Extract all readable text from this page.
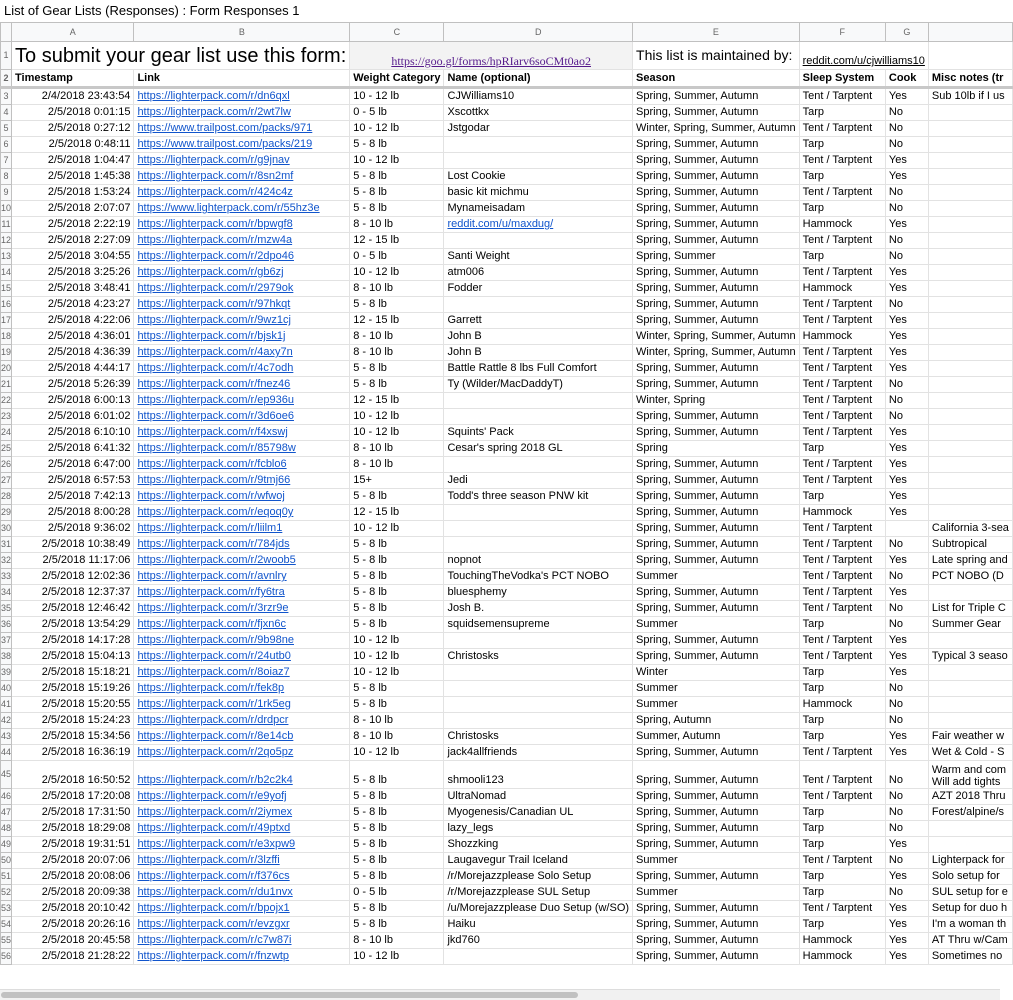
List of Gear Lists (Responses) : Form Responses 1
	A	B	C	D	E	F	G	
1	To submit your gear list use this form:		https://goo.gl/forms/hpRIarv6soCMt0ao2		This list is maintained by:	reddit.com/u/cjwilliams10		
2	Timestamp	Link	Weight Category	Name (optional)	Season	Sleep System	Cook	Misc notes (tr
3	2/4/2018 23:43:54	https://lighterpack.com/r/dn6qxl	10 - 12 lb	CJWilliams10	Spring, Summer, Autumn	Tent / Tarptent	Yes	Sub 10lb if I us
4	2/5/2018 0:01:15	https://lighterpack.com/r/2wt7lw	0 - 5 lb	Xscottkx	Spring, Summer, Autumn	Tarp	No	
5	2/5/2018 0:27:12	https://www.trailpost.com/packs/971	10 - 12 lb	Jstgodar	Winter, Spring, Summer, Autumn	Tent / Tarptent	No	
6	2/5/2018 0:48:11	https://www.trailpost.com/packs/219	5 - 8 lb		Spring, Summer, Autumn	Tarp	No	
7	2/5/2018 1:04:47	https://lighterpack.com/r/g9jnav	10 - 12 lb		Spring, Summer, Autumn	Tent / Tarptent	Yes	
8	2/5/2018 1:45:38	https://lighterpack.com/r/8sn2mf	5 - 8 lb	Lost Cookie	Spring, Summer, Autumn	Tarp	Yes	
9	2/5/2018 1:53:24	https://lighterpack.com/r/424c4z	5 - 8 lb	basic kit michmu	Spring, Summer, Autumn	Tent / Tarptent	No	
10	2/5/2018 2:07:07	https://www.lighterpack.com/r/55hz3e	5 - 8 lb	Mynameisadam	Spring, Summer, Autumn	Tarp	No	
11	2/5/2018 2:22:19	https://lighterpack.com/r/bpwgf8	8 - 10 lb	reddit.com/u/maxdug/	Spring, Summer, Autumn	Hammock	Yes	
12	2/5/2018 2:27:09	https://lighterpack.com/r/mzw4a	12 - 15 lb		Spring, Summer, Autumn	Tent / Tarptent	No	
13	2/5/2018 3:04:55	https://lighterpack.com/r/2dpo46	0 - 5 lb	Santi Weight	Spring, Summer	Tarp	No	
14	2/5/2018 3:25:26	https://lighterpack.com/r/gb6zj	10 - 12 lb	atm006	Spring, Summer, Autumn	Tent / Tarptent	Yes	
15	2/5/2018 3:48:41	https://lighterpack.com/r/2979ok	8 - 10 lb	Fodder	Spring, Summer, Autumn	Hammock	Yes	
16	2/5/2018 4:23:27	https://lighterpack.com/r/97hkqt	5 - 8 lb		Spring, Summer, Autumn	Tent / Tarptent	No	
17	2/5/2018 4:22:06	https://lighterpack.com/r/9wz1cj	12 - 15 lb	Garrett	Spring, Summer, Autumn	Tent / Tarptent	Yes	
18	2/5/2018 4:36:01	https://lighterpack.com/r/bjsk1j	8 - 10 lb	John B	Winter, Spring, Summer, Autumn	Hammock	Yes	
19	2/5/2018 4:36:39	https://lighterpack.com/r/4axy7n	8 - 10 lb	John B	Winter, Spring, Summer, Autumn	Tent / Tarptent	Yes	
20	2/5/2018 4:44:17	https://lighterpack.com/r/4c7odh	5 - 8 lb	Battle Rattle 8 lbs Full Comfort	Spring, Summer, Autumn	Tent / Tarptent	Yes	
21	2/5/2018 5:26:39	https://lighterpack.com/r/fnez46	5 - 8 lb	Ty (Wilder/MacDaddyT)	Spring, Summer, Autumn	Tent / Tarptent	No	
22	2/5/2018 6:00:13	https://lighterpack.com/r/ep936u	12 - 15 lb		Winter, Spring	Tent / Tarptent	No	
23	2/5/2018 6:01:02	https://lighterpack.com/r/3d6oe6	10 - 12 lb		Spring, Summer, Autumn	Tent / Tarptent	No	
24	2/5/2018 6:10:10	https://lighterpack.com/r/f4xswj	10 - 12 lb	Squints' Pack	Spring, Summer, Autumn	Tent / Tarptent	Yes	
25	2/5/2018 6:41:32	https://lighterpack.com/r/85798w	8 - 10 lb	Cesar's spring 2018 GL	Spring	Tarp	Yes	
26	2/5/2018 6:47:00	https://lighterpack.com/r/fcblo6	8 - 10 lb		Spring, Summer, Autumn	Tent / Tarptent	Yes	
27	2/5/2018 6:57:53	https://lighterpack.com/r/9tmj66	15+	Jedi	Spring, Summer, Autumn	Tent / Tarptent	Yes	
28	2/5/2018 7:42:13	https://lighterpack.com/r/wfwoj	5 - 8 lb	Todd's three season PNW kit	Spring, Summer, Autumn	Tarp	Yes	
29	2/5/2018 8:00:28	https://lighterpack.com/r/eqoq0y	12 - 15 lb		Spring, Summer, Autumn	Hammock	Yes	
30	2/5/2018 9:36:02	https://lighterpack.com/r/liilm1	10 - 12 lb		Spring, Summer, Autumn	Tent / Tarptent		California 3-sea
31	2/5/2018 10:38:49	https://lighterpack.com/r/784jds	5 - 8 lb		Spring, Summer, Autumn	Tent / Tarptent	No	Subtropical
32	2/5/2018 11:17:06	https://lighterpack.com/r/2woob5	5 - 8 lb	nopnot	Spring, Summer, Autumn	Tent / Tarptent	Yes	Late spring and
33	2/5/2018 12:02:36	https://lighterpack.com/r/avnlry	5 - 8 lb	TouchingTheVodka's PCT NOBO	Summer	Tent / Tarptent	No	PCT NOBO (D
34	2/5/2018 12:37:37	https://lighterpack.com/r/fy6tra	5 - 8 lb	bluesphemy	Spring, Summer, Autumn	Tent / Tarptent	Yes	
35	2/5/2018 12:46:42	https://lighterpack.com/r/3rzr9e	5 - 8 lb	Josh B.	Spring, Summer, Autumn	Tent / Tarptent	No	List for Triple C
36	2/5/2018 13:54:29	https://lighterpack.com/r/fjxn6c	5 - 8 lb	squidsemensupreme	Summer	Tarp	No	Summer Gear
37	2/5/2018 14:17:28	https://lighterpack.com/r/9b98ne	10 - 12 lb		Spring, Summer, Autumn	Tent / Tarptent	Yes	
38	2/5/2018 15:04:13	https://lighterpack.com/r/24utb0	10 - 12 lb	Christosks	Spring, Summer, Autumn	Tent / Tarptent	Yes	Typical 3 seaso
39	2/5/2018 15:18:21	https://lighterpack.com/r/8oiaz7	10 - 12 lb		Winter	Tarp	Yes	
40	2/5/2018 15:19:26	https://lighterpack.com/r/fek8p	5 - 8 lb		Summer	Tarp	No	
41	2/5/2018 15:20:55	https://lighterpack.com/r/1rk5eg	5 - 8 lb		Summer	Hammock	No	
42	2/5/2018 15:24:23	https://lighterpack.com/r/drdpcr	8 - 10 lb		Spring, Autumn	Tarp	No	
43	2/5/2018 15:34:56	https://lighterpack.com/r/8e14cb	8 - 10 lb	Christosks	Summer, Autumn	Tarp	Yes	Fair weather w
44	2/5/2018 16:36:19	https://lighterpack.com/r/2qo5pz	10 - 12 lb	jack4allfriends	Spring, Summer, Autumn	Tent / Tarptent	Yes	Wet & Cold - S
45	2/5/2018 16:50:52	https://lighterpack.com/r/b2c2k4	5 - 8 lb	shmooli123	Spring, Summer, Autumn	Tent / Tarptent	No	Warm and com Will add tights
46	2/5/2018 17:20:08	https://lighterpack.com/r/e9yofj	5 - 8 lb	UltraNomad	Spring, Summer, Autumn	Tent / Tarptent	No	AZT 2018 Thru
47	2/5/2018 17:31:50	https://lighterpack.com/r/2iymex	5 - 8 lb	Myogenesis/Canadian UL	Spring, Summer, Autumn	Tarp	No	Forest/alpine/s
48	2/5/2018 18:29:08	https://lighterpack.com/r/49ptxd	5 - 8 lb	lazy_legs	Spring, Summer, Autumn	Tarp	No	
49	2/5/2018 19:31:51	https://lighterpack.com/r/e3xpw9	5 - 8 lb	Shozzking	Spring, Summer, Autumn	Tarp	Yes	
50	2/5/2018 20:07:06	https://lighterpack.com/r/3lzffi	5 - 8 lb	Laugavegur Trail Iceland	Summer	Tent / Tarptent	No	Lighterpack for
51	2/5/2018 20:08:06	https://lighterpack.com/r/f376cs	5 - 8 lb	/r/Morejazzplease Solo Setup	Spring, Summer, Autumn	Tarp	Yes	Solo setup for
52	2/5/2018 20:09:38	https://lighterpack.com/r/du1nvx	0 - 5 lb	/r/Morejazzplease SUL Setup	Summer	Tarp	No	SUL setup for e
53	2/5/2018 20:10:42	https://lighterpack.com/r/bpojx1	5 - 8 lb	/u/Morejazzplease Duo Setup (w/SO)	Spring, Summer, Autumn	Tent / Tarptent	Yes	Setup for duo h
54	2/5/2018 20:26:16	https://lighterpack.com/r/evzgxr	5 - 8 lb	Haiku	Spring, Summer, Autumn	Tarp	Yes	I'm a woman th
55	2/5/2018 20:45:58	https://lighterpack.com/r/c7w87i	8 - 10 lb	jkd760	Spring, Summer, Autumn	Hammock	Yes	AT Thru w/Cam
56	2/5/2018 21:28:22	https://lighterpack.com/r/fnzwtp	10 - 12 lb		Spring, Summer, Autumn	Hammock	Yes	Sometimes no
